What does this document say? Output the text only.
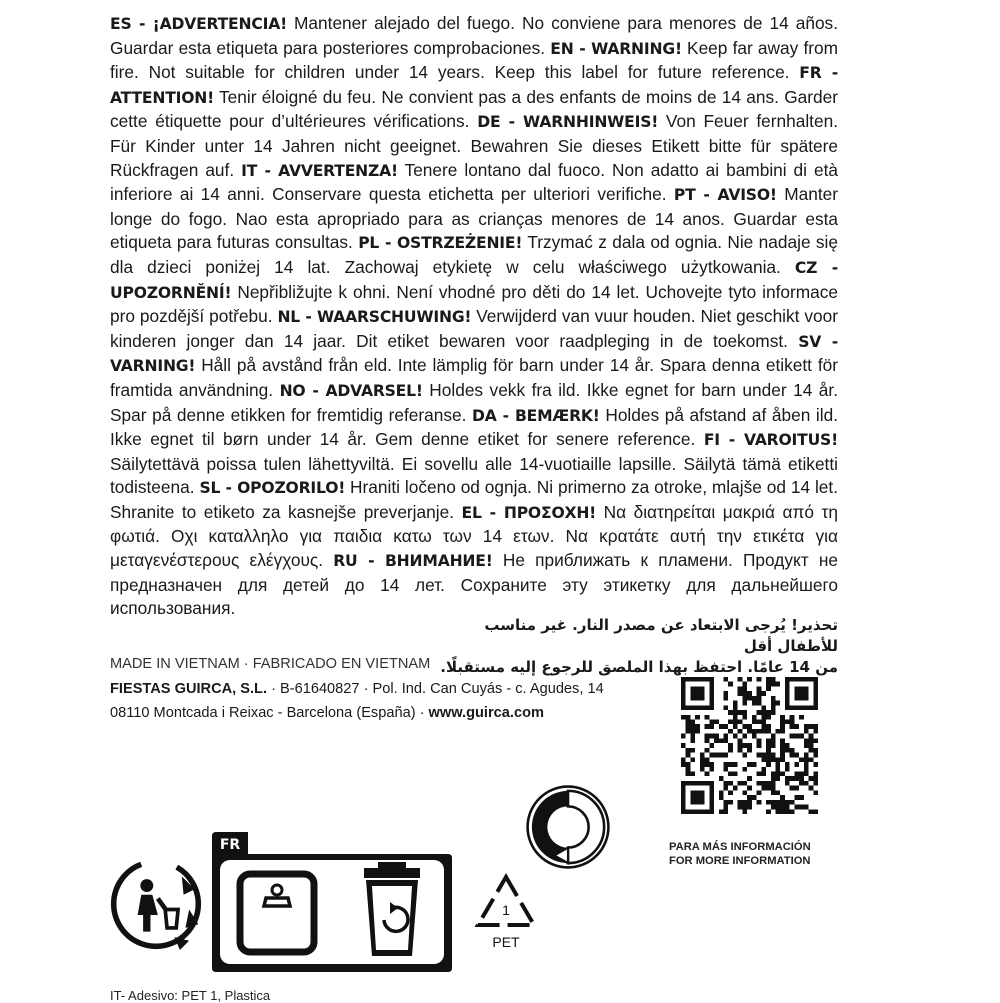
ES - ¡ADVERTENCIA! Mantener alejado del fuego. No conviene para menores de 14 años. Guardar esta etiqueta para posteriores comprobaciones. EN - WARNING! Keep far away from fire. Not suitable for children under 14 years. Keep this label for future reference. FR - ATTENTION! Tenir éloigné du feu. Ne convient pas a des enfants de moins de 14 ans. Garder cette étiquette pour d’ultérieures vérifications. DE - WARNHINWEIS! Von Feuer fernhalten. Für Kinder unter 14 Jahren nicht geeignet. Bewahren Sie dieses Etikett bitte für spätere Rückfragen auf. IT - AVVERTENZA! Tenere lontano dal fuoco. Non adatto ai bambini di età inferiore ai 14 anni. Conservare questa etichetta per ulteriori verifiche. PT - AVISO! Manter longe do fogo. Nao esta apropriado para as crianças menores de 14 anos. Guardar esta etiqueta para futuras consultas. PL - OSTRZEŻENIE! Trzymać z dala od ognia. Nie nadaje się dla dzieci poniżej 14 lat. Zachowaj etykietę w celu właściwego użytkowania. CZ - UPOZORNĚNÍ! Nepřibližujte k ohni. Není vhodné pro děti do 14 let. Uchovejte tyto informace pro pozdější potřebu. NL - WAARSCHUWING! Verwijderd van vuur houden. Niet geschikt voor kinderen jonger dan 14 jaar. Dit etiket bewaren voor raadpleging in de toekomst. SV - VARNING! Håll på avstånd från eld. Inte lämplig för barn under 14 år. Spara denna etikett för framtida användning. NO - ADVARSEL! Holdes vekk fra ild. Ikke egnet for barn under 14 år. Spar på denne etikken for fremtidig referanse. DA - BEMÆRK! Holdes på afstand af åben ild. Ikke egnet til børn under 14 år. Gem denne etiket for senere reference. FI - VAROITUS! Säilytettävä poissa tulen lähettyviltä. Ei sovellu alle 14-vuotiaille lapsille. Säilytä tämä etiketti todisteena. SL - OPOZORILO! Hraniti ločeno od ognja. Ni primerno za otroke, mlajše od 14 let. Shranite to etiketo za kasnejše preverjanje. EL - ΠΡΟΣΟΧΗ! Να διατηρείται μακριά από τη φωτιά. Οχι καταλληλο για παιδια κατω των 14 ετων. Να κρατάτε αυτή την ετικέτα για μεταγενέστερους ελέγχους. RU - ВНИМАНИЕ! Не приближать к пламени. Продукт не предназначен для детей до 14 лет. Сохраните эту этикетку для дальнейшего использования.
تحذير! يُرجى الابتعاد عن مصدر النار. غير مناسب للأطفال أقل
من 14 عامًا. احتفظ بهذا الملصق للرجوع إليه مستقبلًا.
MADE IN VIETNAM · FABRICADO EN VIETNAM
FIESTAS GUIRCA, S.L. · B-61640827 · Pol. Ind. Can Cuyás - c. Agudes, 14
08110 Montcada i Reixac - Barcelona (España) · www.guirca.com
PARA MÁS INFORMACIÓN
FOR MORE INFORMATION
FR
1
PET
IT- Adesivo: PET 1, Plastica
